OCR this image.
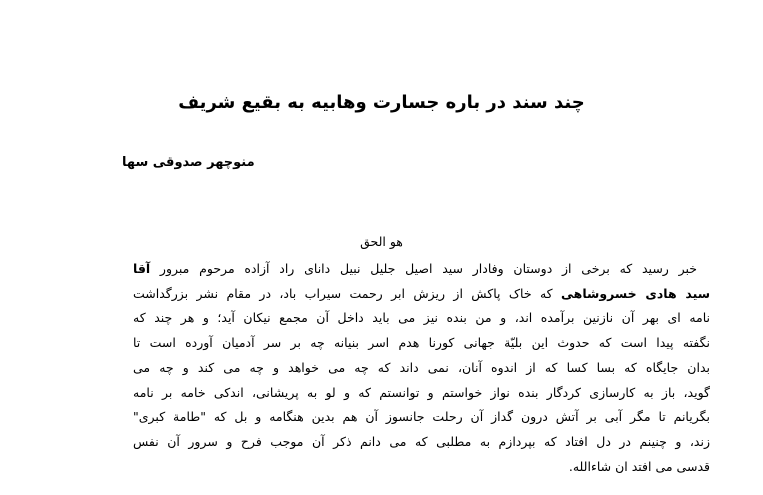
چند سند در باره جسارت وهابیه به بقیع شریف
منوچهر صدوقی سها
هو الحق
خبر رسید که برخی از دوستان وفادار سید اصیل جلیل نبیل دانای راد آزاده مرحوم مبرور آقا
سید هادی خسروشاهی که خاک پاکش از ریزش ابر رحمت سیراب باد، در مقام نشر بزرگداشت
نامه ای بهر آن نازنین برآمده اند، و من بنده نیز می باید داخل آن مجمع نیکان آید؛ و هر چند که
نگفته پیدا است که حدوث این بلیّة جهانی کورنا هدم اسر بنیانه چه بر سر آدمیان آورده است تا
بدان جایگاه که بسا کسا که از اندوه آنان، نمی داند که چه می خواهد و چه می کند و چه می
گوید، باز به کارسازی کردگار بنده نواز خواستم و توانستم که و لو به پریشانی، اندکی خامه بر نامه
بگریانم تا مگر آبی بر آتش درون گداز آن رحلت جانسوز آن هم بدین هنگامه و بل که "طامة کبری"
زند، و چنینم در دل افتاد که بپردازم به مطلبی که می دانم ذکر آن موجب فرح و سرور آن نفس
قدسی می افتد ان شاءالله.
